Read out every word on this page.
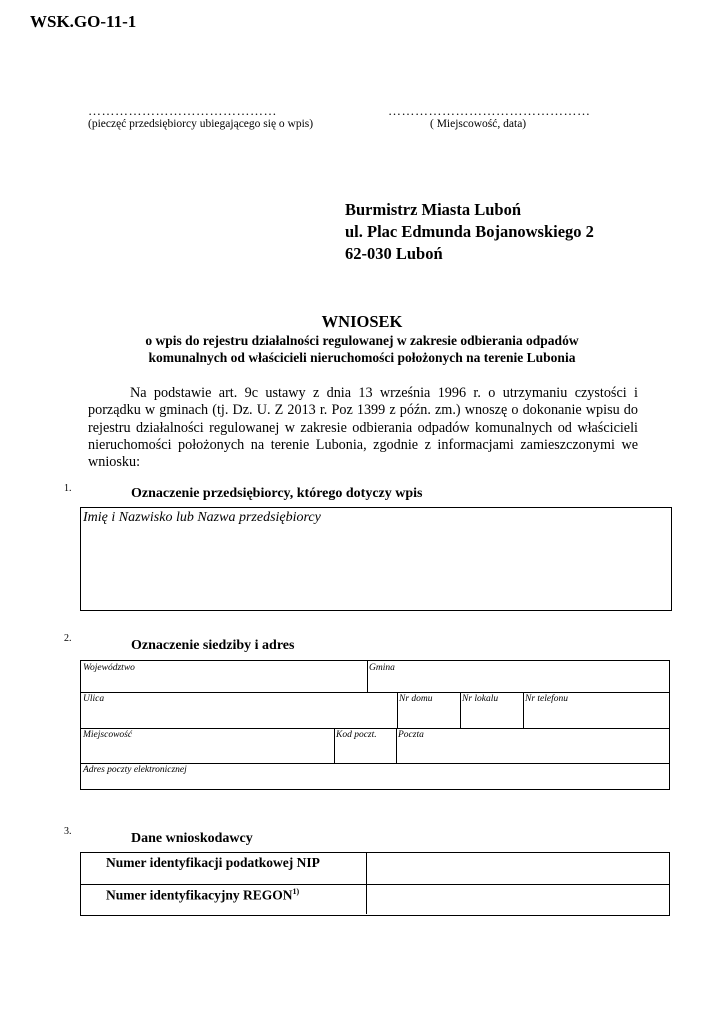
WSK.GO-11-1
……………………………………
(pieczęć przedsiębiorcy ubiegającego się o wpis)
………………………………………
( Miejscowość, data)
Burmistrz Miasta Luboń
ul. Plac Edmunda Bojanowskiego 2
62-030 Luboń
WNIOSEK
o wpis do rejestru działalności regulowanej w zakresie odbierania odpadów komunalnych od właścicieli nieruchomości położonych na terenie Lubonia
Na podstawie art. 9c ustawy z dnia 13 września 1996 r. o utrzymaniu czystości i porządku w gminach (tj. Dz. U. Z 2013 r. Poz 1399 z późn. zm.) wnoszę o dokonanie wpisu do rejestru działalności regulowanej w zakresie odbierania odpadów komunalnych od właścicieli nieruchomości położonych na terenie Lubonia, zgodnie z informacjami zamieszczonymi we wniosku:
1.	Oznaczenie przedsiębiorcy, którego dotyczy wpis
Imię i Nazwisko lub Nazwa przedsiębiorcy
2.	Oznaczenie siedziby i adres
Województwo	Gmina
Ulica	Nr domu	Nr lokalu	Nr telefonu
Miejscowość	Kod poczt.	Poczta
Adres poczty elektronicznej
3.	Dane wnioskodawcy
Numer identyfikacji podatkowej NIP
Numer identyfikacyjny REGON$^{1)}$
